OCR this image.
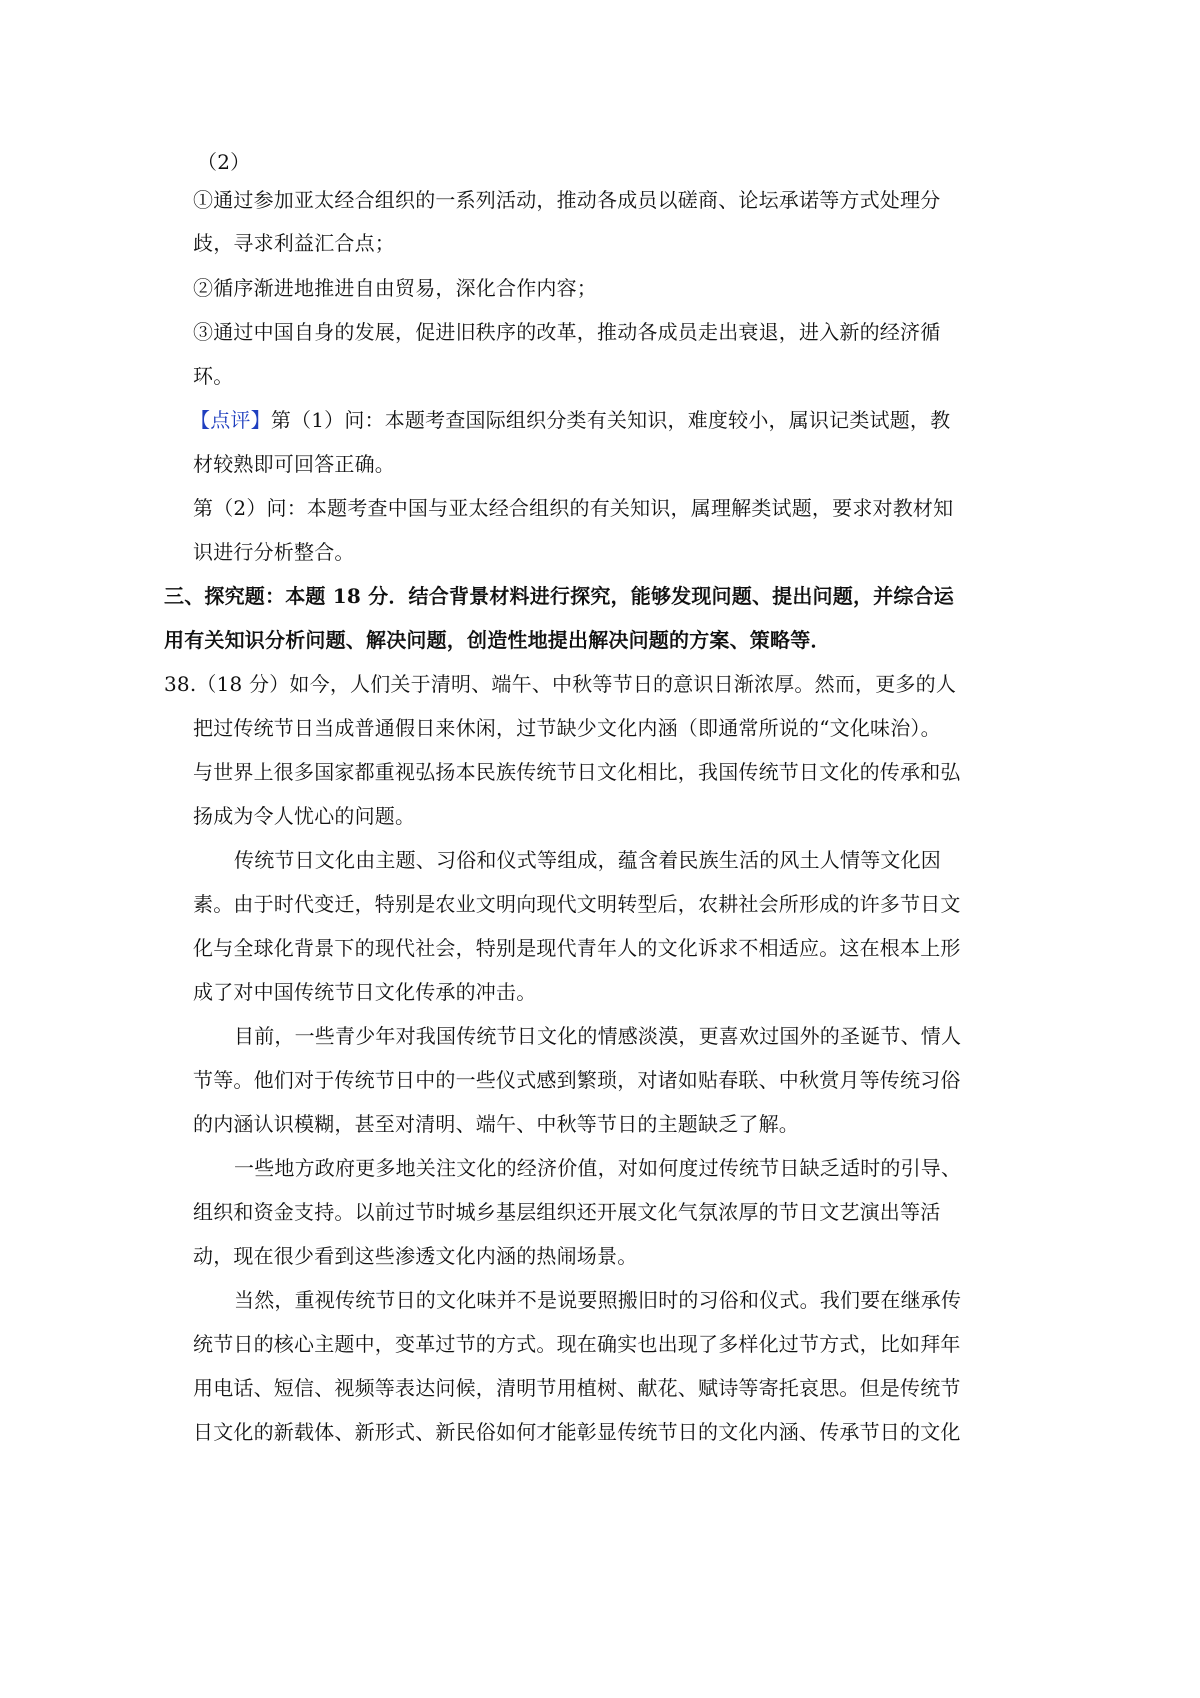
（2）
①通过参加亚太经合组织的一系列活动，推动各成员以磋商、论坛承诺等方式处理分
歧，寻求利益汇合点；
②循序渐进地推进自由贸易，深化合作内容；
③通过中国自身的发展，促进旧秩序的改革，推动各成员走出衰退，进入新的经济循
环。
【点评】第（1）问：本题考查国际组织分类有关知识，难度较小，属识记类试题，教
材较熟即可回答正确。
第（2）问：本题考查中国与亚太经合组织的有关知识，属理解类试题，要求对教材知
识进行分析整合。
三、探究题：本题 18 分．结合背景材料进行探究，能够发现问题、提出问题，并综合运
用有关知识分析问题、解决问题，创造性地提出解决问题的方案、策略等．
38.（18 分）如今，人们关于清明、端午、中秋等节日的意识日渐浓厚。然而，更多的人
把过传统节日当成普通假日来休闲，过节缺少文化内涵（即通常所说的“文化味治）。
与世界上很多国家都重视弘扬本民族传统节日文化相比，我国传统节日文化的传承和弘
扬成为令人忧心的问题。
传统节日文化由主题、习俗和仪式等组成，蕴含着民族生活的风土人情等文化因
素。由于时代变迁，特别是农业文明向现代文明转型后，农耕社会所形成的许多节日文
化与全球化背景下的现代社会，特别是现代青年人的文化诉求不相适应。这在根本上形
成了对中国传统节日文化传承的冲击。
目前，一些青少年对我国传统节日文化的情感淡漠，更喜欢过国外的圣诞节、情人
节等。他们对于传统节日中的一些仪式感到繁琐，对诸如贴春联、中秋赏月等传统习俗
的内涵认识模糊，甚至对清明、端午、中秋等节日的主题缺乏了解。
一些地方政府更多地关注文化的经济价值，对如何度过传统节日缺乏适时的引导、
组织和资金支持。以前过节时城乡基层组织还开展文化气氛浓厚的节日文艺演出等活
动，现在很少看到这些渗透文化内涵的热闹场景。
当然，重视传统节日的文化味并不是说要照搬旧时的习俗和仪式。我们要在继承传
统节日的核心主题中，变革过节的方式。现在确实也出现了多样化过节方式，比如拜年
用电话、短信、视频等表达问候，清明节用植树、献花、赋诗等寄托哀思。但是传统节
日文化的新载体、新形式、新民俗如何才能彰显传统节日的文化内涵、传承节日的文化
